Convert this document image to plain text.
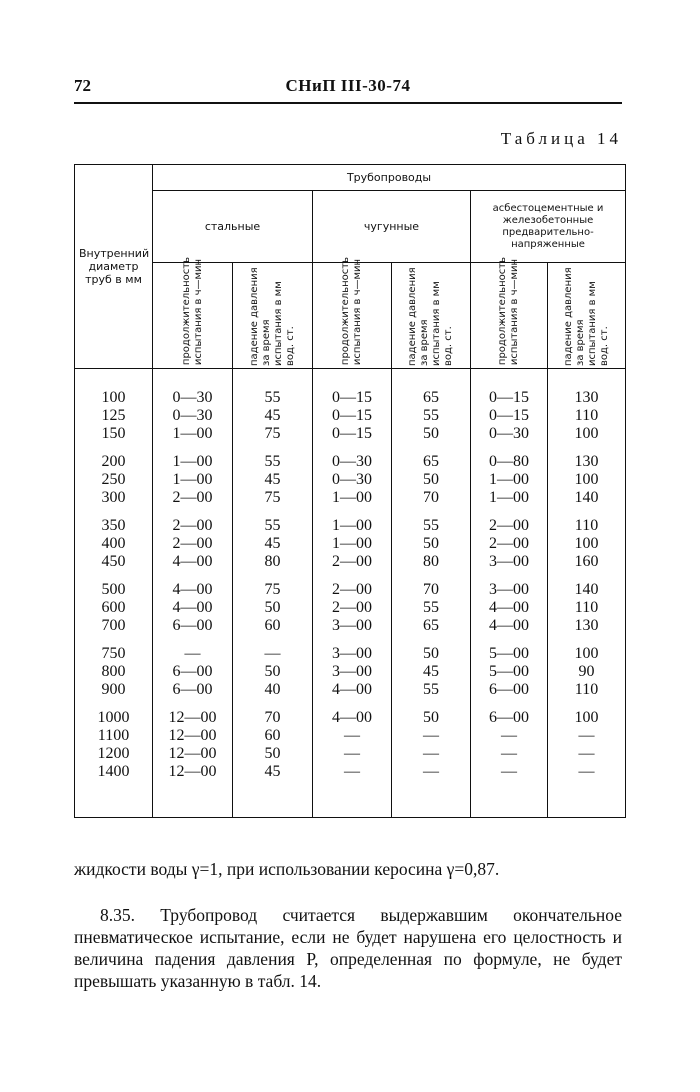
72	СНиП III-30-74
Таблица 14
Внутренний диаметр труб в мм	Трубопроводы					
	стальные		чугунные		асбестоцементные и железобетонные предварительно-напряженные	

	продолжительность испытания в ч—мин	падение давления за время испытания в мм вод. ст.	продолжительность испытания в ч—мин	падение давления за время испытания в мм вод. ст.	продолжительность испытания в ч—мин	падение давления за время испытания в мм вод. ст.

100	0—30	55	0—15	65	0—15	130
125	0—30	45	0—15	55	0—15	110
150	1—00	75	0—15	50	0—30	100
200	1—00	55	0—30	65	0—80	130
250	1—00	45	0—30	50	1—00	100
300	2—00	75	1—00	70	1—00	140
350	2—00	55	1—00	55	2—00	110
400	2—00	45	1—00	50	2—00	100
450	4—00	80	2—00	80	3—00	160
500	4—00	75	2—00	70	3—00	140
600	4—00	50	2—00	55	4—00	110
700	6—00	60	3—00	65	4—00	130
750	—	—	3—00	50	5—00	100
800	6—00	50	3—00	45	5—00	90
900	6—00	40	4—00	55	6—00	110
1000	12—00	70	4—00	50	6—00	100
1100	12—00	60	—	—	—	—
1200	12—00	50	—	—	—	—
1400	12—00	45	—	—	—	—
жидкости воды γ=1, при использовании керосина γ=0,87.
8.35. Трубопровод считается выдержавшим окончательное пневматическое испытание, если не будет нарушена его целостность и величина падения давления P, определенная по формуле, не будет превышать указанную в табл. 14.
